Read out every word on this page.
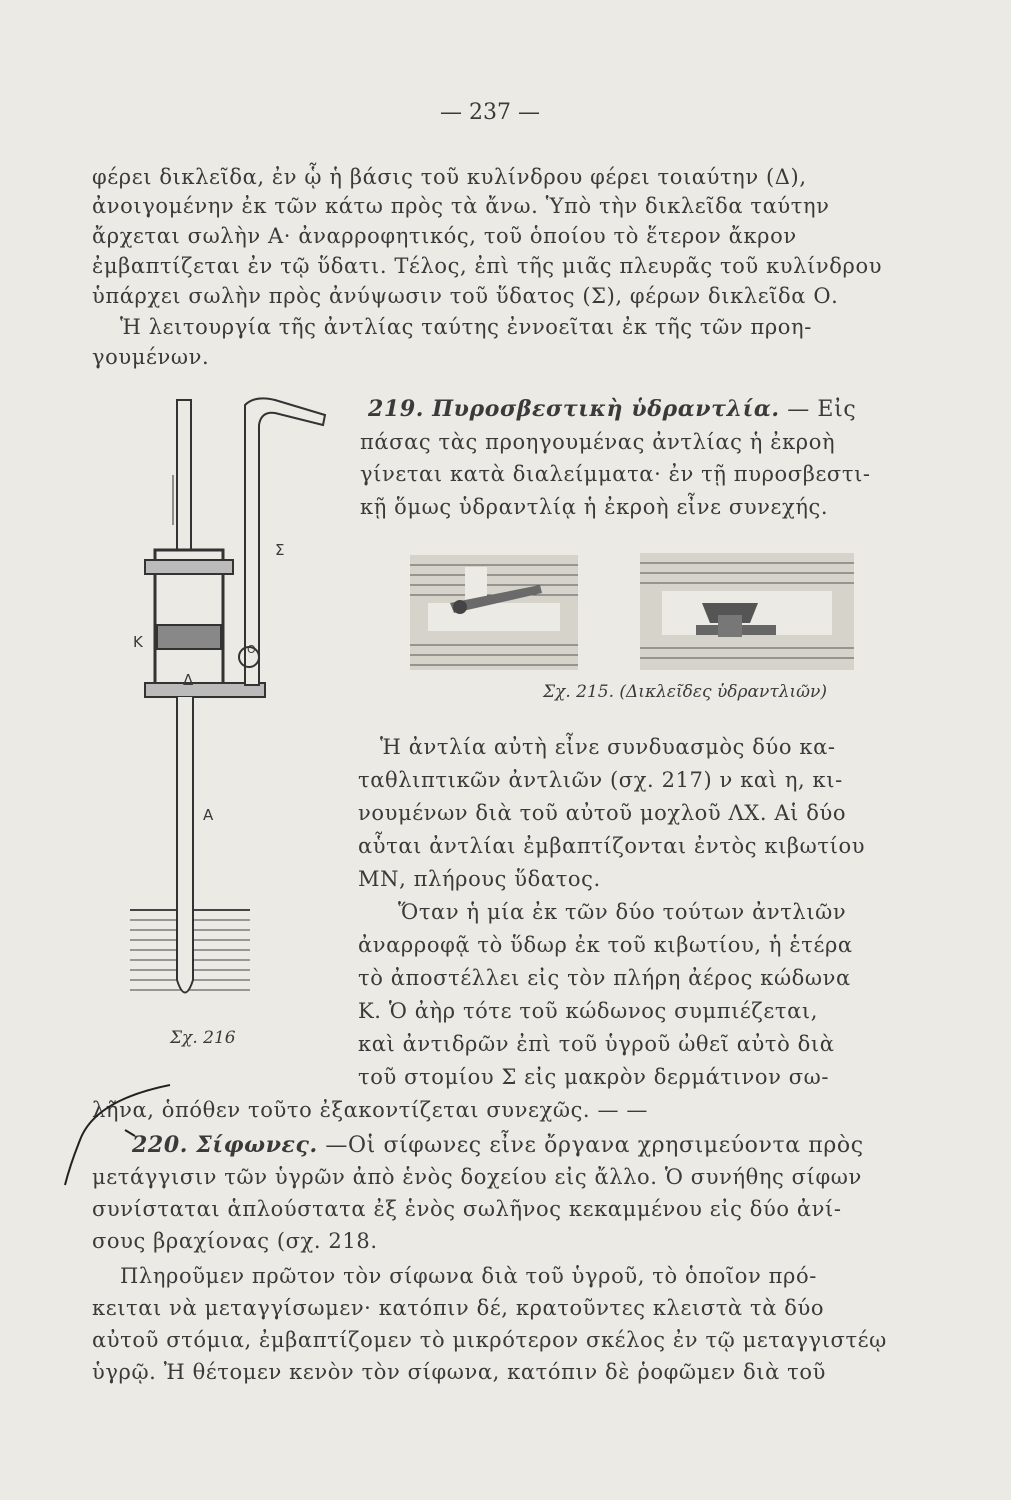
— 237 —
φέρει δικλεῖδα, ἐν ᾧ ἡ βάσις τοῦ κυλίνδρου φέρει τοιαύτην (Δ),
ἀνοιγομένην ἐκ τῶν κάτω πρὸς τὰ ἄνω. Ὑπὸ τὴν δικλεῖδα ταύτην
ἄρχεται σωλὴν Α· ἀναρροφητικός, τοῦ ὁποίου τὸ ἕτερον ἄκρον
ἐμβαπτίζεται ἐν τῷ ὕδατι. Τέλος, ἐπὶ τῆς μιᾶς πλευρᾶς τοῦ κυλίνδρου
ὑπάρχει σωλὴν πρὸς ἀνύψωσιν τοῦ ὕδατος (Σ), φέρων δικλεῖδα Ο.
Ἡ λειτουργία τῆς ἀντλίας ταύτης ἐννοεῖται ἐκ τῆς τῶν προη-
γουμένων.
219. Πυροσβεστικὴ ὑδραντλία. — Εἰς
πάσας τὰς προηγουμένας ἀντλίας ἡ ἐκροὴ
γίνεται κατὰ διαλείμματα· ἐν τῇ πυροσβεστι-
κῇ ὅμως ὑδραντλίᾳ ἡ ἐκροὴ εἶνε συνεχής.
Σχ. 215. (Δικλεῖδες ὑδραντλιῶν)
Σ
Κ
Δ
Α
Ο
Σχ. 216
Ἡ ἀντλία αὐτὴ εἶνε συνδυασμὸς δύο κα-
ταθλιπτικῶν ἀντλιῶν (σχ. 217) ν καὶ η, κι-
νουμένων διὰ τοῦ αὐτοῦ μοχλοῦ ΛΧ. Αἱ δύο
αὗται ἀντλίαι ἐμβαπτίζονται ἐντὸς κιβωτίου
ΜΝ, πλήρους ὕδατος.
Ὅταν ἡ μία ἐκ τῶν δύο τούτων ἀντλιῶν
ἀναρροφᾷ τὸ ὕδωρ ἐκ τοῦ κιβωτίου, ἡ ἑτέρα
τὸ ἀποστέλλει εἰς τὸν πλήρη ἀέρος κώδωνα
Κ. Ὁ ἀὴρ τότε τοῦ κώδωνος συμπιέζεται,
καὶ ἀντιδρῶν ἐπὶ τοῦ ὑγροῦ ὠθεῖ αὐτὸ διὰ
τοῦ στομίου Σ εἰς μακρὸν δερμάτινον σω-
λῆνα, ὁπόθεν τοῦτο ἐξακοντίζεται συνεχῶς. — —
220. Σίφωνες. —Οἱ σίφωνες εἶνε ὄργανα χρησιμεύοντα πρὸς
μετάγγισιν τῶν ὑγρῶν ἀπὸ ἑνὸς δοχείου εἰς ἄλλο. Ὁ συνήθης σίφων
συνίσταται ἁπλούστατα ἐξ ἑνὸς σωλῆνος κεκαμμένου εἰς δύο ἀνί-
σους βραχίονας (σχ. 218.
Πληροῦμεν πρῶτον τὸν σίφωνα διὰ τοῦ ὑγροῦ, τὸ ὁποῖον πρό-
κειται νὰ μεταγγίσωμεν· κατόπιν δέ, κρατοῦντες κλειστὰ τὰ δύο
αὐτοῦ στόμια, ἐμβαπτίζομεν τὸ μικρότερον σκέλος ἐν τῷ μεταγγιστέῳ
ὑγρῷ. Ἠ θέτομεν κενὸν τὸν σίφωνα, κατόπιν δὲ ῥοφῶμεν διὰ τοῦ
